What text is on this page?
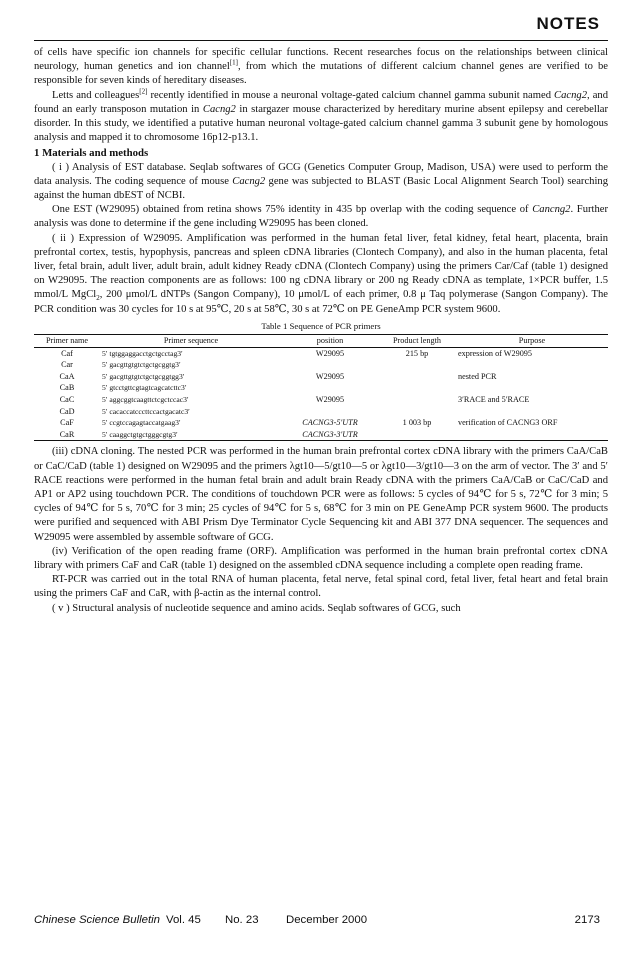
NOTES

of cells have specific ion channels for specific cellular functions. Recent researches focus on the relationships between clinical neurology, human genetics and ion channel[1], from which the mutations of different calcium channel genes are verified to be responsible for seven kinds of hereditary diseases.

Letts and colleagues[2] recently identified in mouse a neuronal voltage-gated calcium channel gamma subunit named Cacng2, and found an early transposon mutation in Cacng2 in stargazer mouse characterized by hereditary murine absent epilepsy and cerebellar disorder. In this study, we identified a putative human neuronal voltage-gated calcium channel gamma 3 subunit gene by homologous analysis and mapped it to chromosome 16p12-p13.1.

1 Materials and methods

( i ) Analysis of EST database. Seqlab softwares of GCG (Genetics Computer Group, Madison, USA) were used to perform the data analysis. The coding sequence of mouse Cacng2 gene was subjected to BLAST (Basic Local Alignment Search Tool) searching against the human dbEST of NCBI.

One EST (W29095) obtained from retina shows 75% identity in 435 bp overlap with the coding sequence of Cancng2. Further analysis was done to determine if the gene including W29095 has been cloned.

( ii ) Expression of W29095. Amplification was performed in the human fetal liver, fetal kidney, fetal heart, placenta, brain prefrontal cortex, testis, hypophysis, pancreas and spleen cDNA libraries (Clontech Company), and also in the human placenta, fetal liver, fetal brain, adult liver, adult brain, adult kidney Ready cDNA (Clontech Company) using the primers Car/Caf (table 1) designed on W29095. The reaction components are as follows: 100 ng cDNA library or 200 ng Ready cDNA as template, 1×PCR buffer, 1.5 mmol/L MgCl$_2$, 200 μmol/L dNTPs (Sangon Company), 10 μmol/L of each primer, 0.8 μ Taq polymerase (Sangon Company). The PCR condition was 30 cycles for 10 s at 95℃, 20 s at 58℃, 30 s at 72℃ on PE GeneAmp PCR system 9600.

Table 1 Sequence of PCR primers

Primer name	Primer sequence	position	Product length	Purpose
Caf	5′ tgtggaggacctgctgcctag3′	W29095	215 bp	expression of W29095
Car	5′ gacgttgtgtctgctgcggtg3′			
CaA	5′ gacgttgtgtctgctgcggtgg3′	W29095		nested PCR
CaB	5′ gtcctgttcgtagtcagcatcttc3′			
CaC	5′ aggcggtcaagttctcgctccac3′	W29095		3′RACE and 5′RACE
CaD	5′ cacaccatcccttccactgacatc3′			
CaF	5′ ccgtccagagtaccatgaag3′	CACNG3-5′UTR	1 003 bp	verification of CACNG3 ORF
CaR	5′ caaggctgtgctgggcgtg3′	CACNG3-3′UTR		

(iii) cDNA cloning. The nested PCR was performed in the human brain prefrontal cortex cDNA library with the primers CaA/CaB or CaC/CaD (table 1) designed on W29095 and the primers λgt10—5/gt10—5 or λgt10—3/gt10—3 on the arm of vector. The 3′ and 5′ RACE reactions were performed in the human fetal brain and adult brain Ready cDNA with the primers CaA/CaB or CaC/CaD and AP1 or AP2 using touchdown PCR. The conditions of touchdown PCR were as follows: 5 cycles of 94℃ for 5 s, 72℃ for 3 min; 5 cycles of 94℃ for 5 s, 70℃ for 3 min; 25 cycles of 94℃ for 5 s, 68℃ for 3 min on PE GeneAmp PCR system 9600. The products were purified and sequenced with ABI Prism Dye Terminator Cycle Sequencing kit and ABI 377 DNA sequencer. The sequences and W29095 were assembled by assemble software of GCG.

(iv) Verification of the open reading frame (ORF). Amplification was performed in the human brain prefrontal cortex cDNA library with primers CaF and CaR (table 1) designed on the assembled cDNA sequence including a complete open reading frame.

RT-PCR was carried out in the total RNA of human placenta, fetal nerve, fetal spinal cord, fetal liver, fetal heart and fetal brain using the primers CaF and CaR, with β-actin as the internal control.

( v ) Structural analysis of nucleotide sequence and amino acids. Seqlab softwares of GCG, such

Chinese Science Bulletin Vol. 45 No. 23 December 2000	2173
